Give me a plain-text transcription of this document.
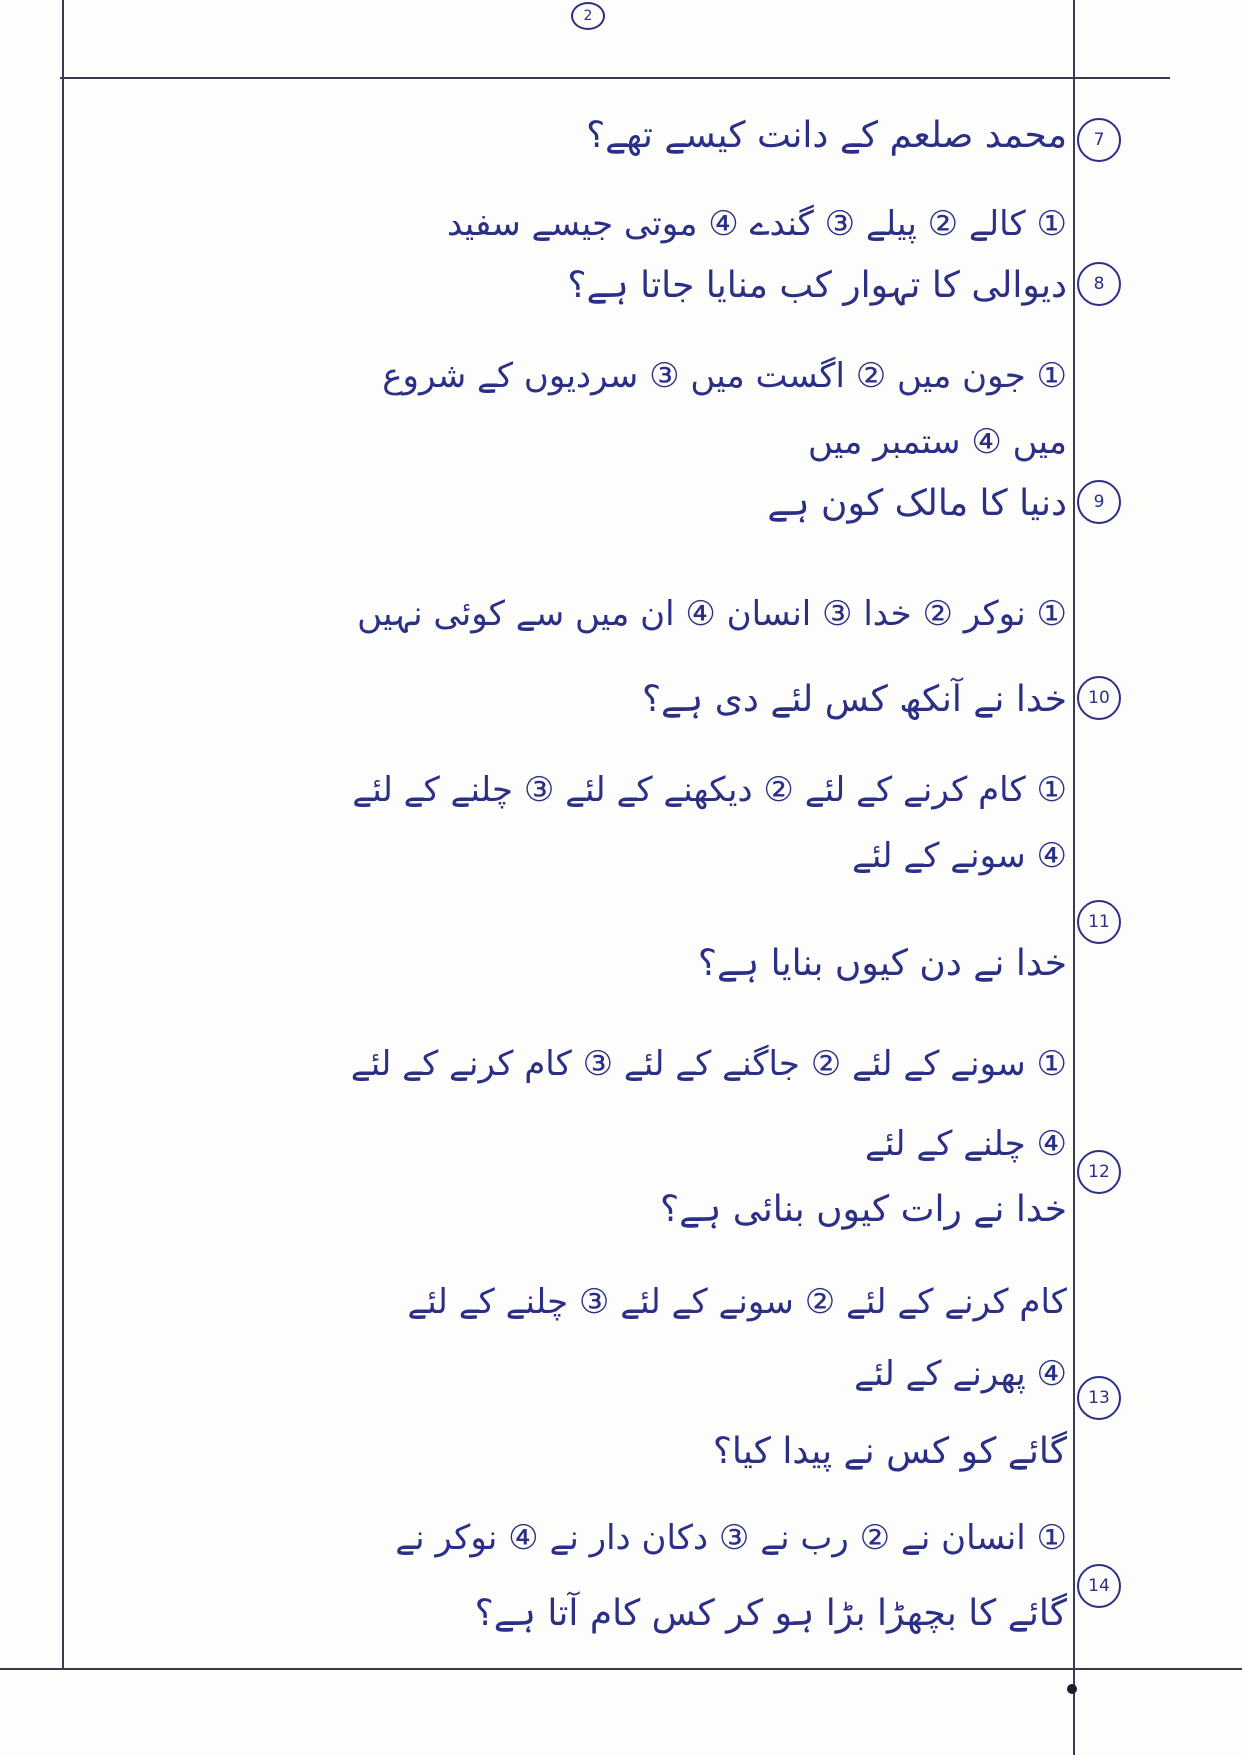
2
7
محمد صلعم کے دانت کیسے تھے؟
① کالے ② پیلے ③ گندے ④ موتی جیسے سفید
8
دیوالی کا تہوار کب منایا جاتا ہے؟
① جون میں ② اگست میں ③ سردیوں کے شروع
میں ④ ستمبر میں
9
دنیا کا مالک کون ہے
① نوکر ② خدا ③ انسان ④ ان میں سے کوئی نہیں
10
خدا نے آنکھ کس لئے دی ہے؟
① کام کرنے کے لئے ② دیکھنے کے لئے ③ چلنے کے لئے
④ سونے کے لئے
11
خدا نے دن کیوں بنایا ہے؟
① سونے کے لئے ② جاگنے کے لئے ③ کام کرنے کے لئے
④ چلنے کے لئے
12
خدا نے رات کیوں بنائی ہے؟
کام کرنے کے لئے ② سونے کے لئے ③ چلنے کے لئے
④ پھرنے کے لئے
13
گائے کو کس نے پیدا کیا؟
① انسان نے ② رب نے ③ دکان دار نے ④ نوکر نے
14
گائے کا بچھڑا بڑا ہو کر کس کام آتا ہے؟
